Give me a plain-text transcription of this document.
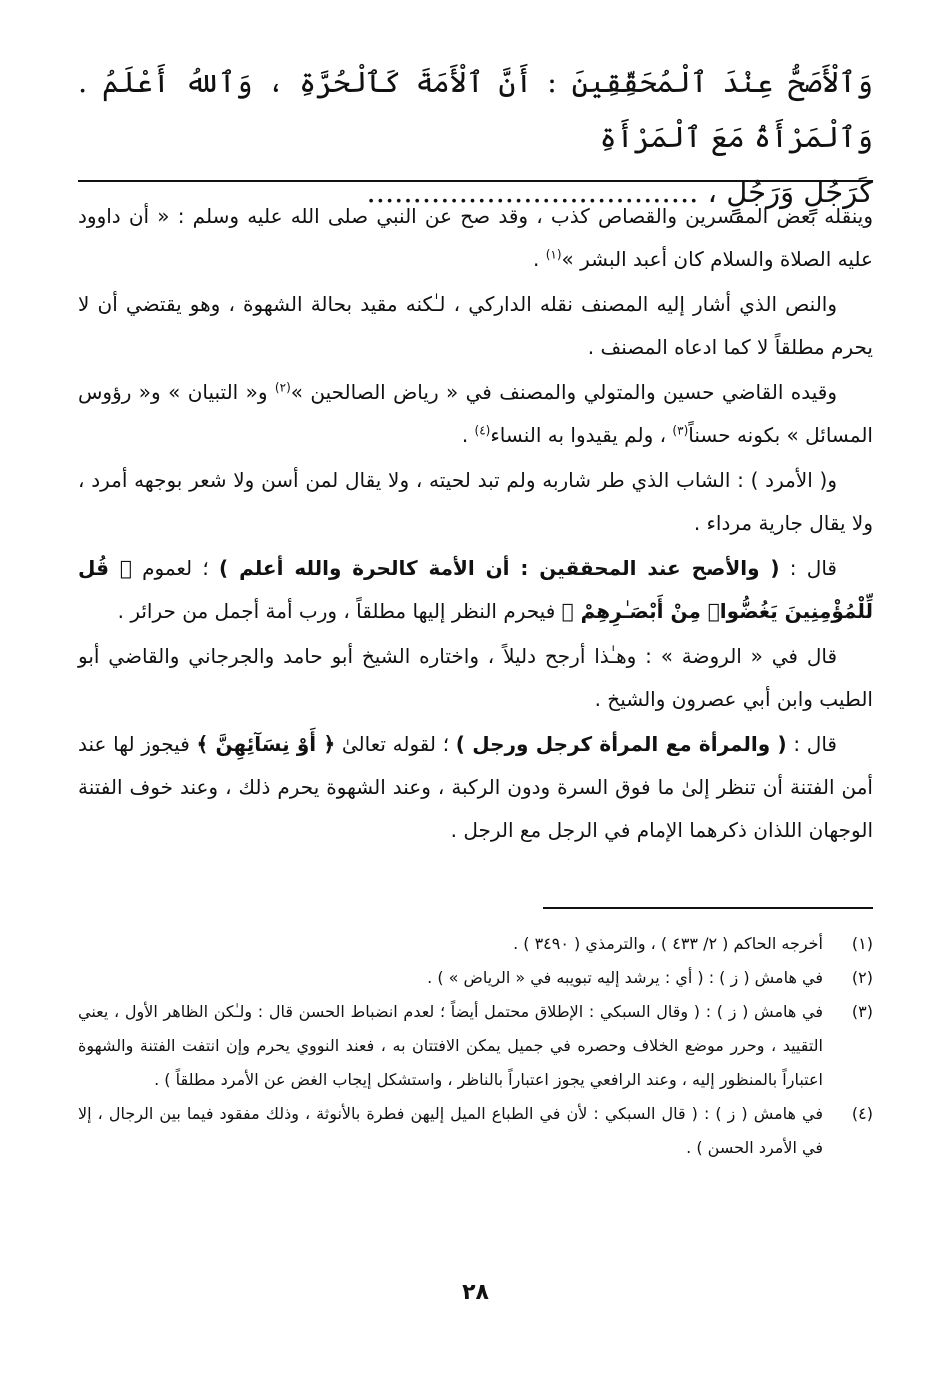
وَٱلْأَصَحُّ عِنْدَ ٱلْمُحَقِّقِينَ : أَنَّ ٱلْأَمَةَ كَٱلْحُرَّةِ ، وَٱللهُ أَعْلَمُ . وَٱلْمَرْأَةُ مَعَ ٱلْمَرْأَةِ
كَرَجُلٍ وَرَجُلٍ ، ....................................

وينقله بعض المفسرين والقصاص كذب ، وقد صح عن النبي صلى الله عليه وسلم : « أن داوود عليه الصلاة والسلام كان أعبد البشر »$^{(١)}$ .

والنص الذي أشار إليه المصنف نقله الداركي ، لـٰكنه مقيد بحالة الشهوة ، وهو يقتضي أن لا يحرم مطلقاً لا كما ادعاه المصنف .

وقيده القاضي حسين والمتولي والمصنف في « رياض الصالحين »$^{(٢)}$ و« التبيان » و« رؤوس المسائل » بكونه حسناً$^{(٣)}$ ، ولم يقيدوا به النساء$^{(٤)}$ .

و( الأمرد ) : الشاب الذي طر شاربه ولم تبد لحيته ، ولا يقال لمن أسن ولا شعر بوجهه أمرد ، ولا يقال جارية مرداء .

قال : ( والأصح عند المحققين : أن الأمة كالحرة والله أعلم ) ؛ لعموم ﴿ قُل لِّلْمُؤْمِنِينَ يَغُضُّوا۟ مِنْ أَبْصَـٰرِهِمْ ﴾ فيحرم النظر إليها مطلقاً ، ورب أمة أجمل من حرائر .

قال في « الروضة » : وهـٰذا أرجح دليلاً ، واختاره الشيخ أبو حامد والجرجاني والقاضي أبو الطيب وابن أبي عصرون والشيخ .

قال : ( والمرأة مع المرأة كرجل ورجل ) ؛ لقوله تعالىٰ ﴿ أَوْ نِسَآئِهِنَّ ﴾ فيجوز لها عند أمن الفتنة أن تنظر إلىٰ ما فوق السرة ودون الركبة ، وعند الشهوة يحرم ذلك ، وعند خوف الفتنة الوجهان اللذان ذكرهما الإمام في الرجل مع الرجل .

(١)
أخرجه الحاكم ( ٢/ ٤٣٣ ) ، والترمذي ( ٣٤٩٠ ) .
(٢)
في هامش ( ز ) : ( أي : يرشد إليه تبويبه في « الرياض » ) .
(٣)
في هامش ( ز ) : ( وقال السبكي : الإطلاق محتمل أيضاً ؛ لعدم انضباط الحسن قال : ولـٰكن الظاهر الأول ، يعني التقييد ، وحرر موضع الخلاف وحصره في جميل يمكن الافتتان به ، فعند النووي يحرم وإن انتفت الفتنة والشهوة اعتباراً بالمنظور إليه ، وعند الرافعي يجوز اعتباراً بالناظر ، واستشكل إيجاب الغض عن الأمرد مطلقاً ) .
(٤)
في هامش ( ز ) : ( قال السبكي : لأن في الطباع الميل إليهن فطرة بالأنوثة ، وذلك مفقود فيما بين الرجال ، إلا في الأمرد الحسن ) .
٢٨
